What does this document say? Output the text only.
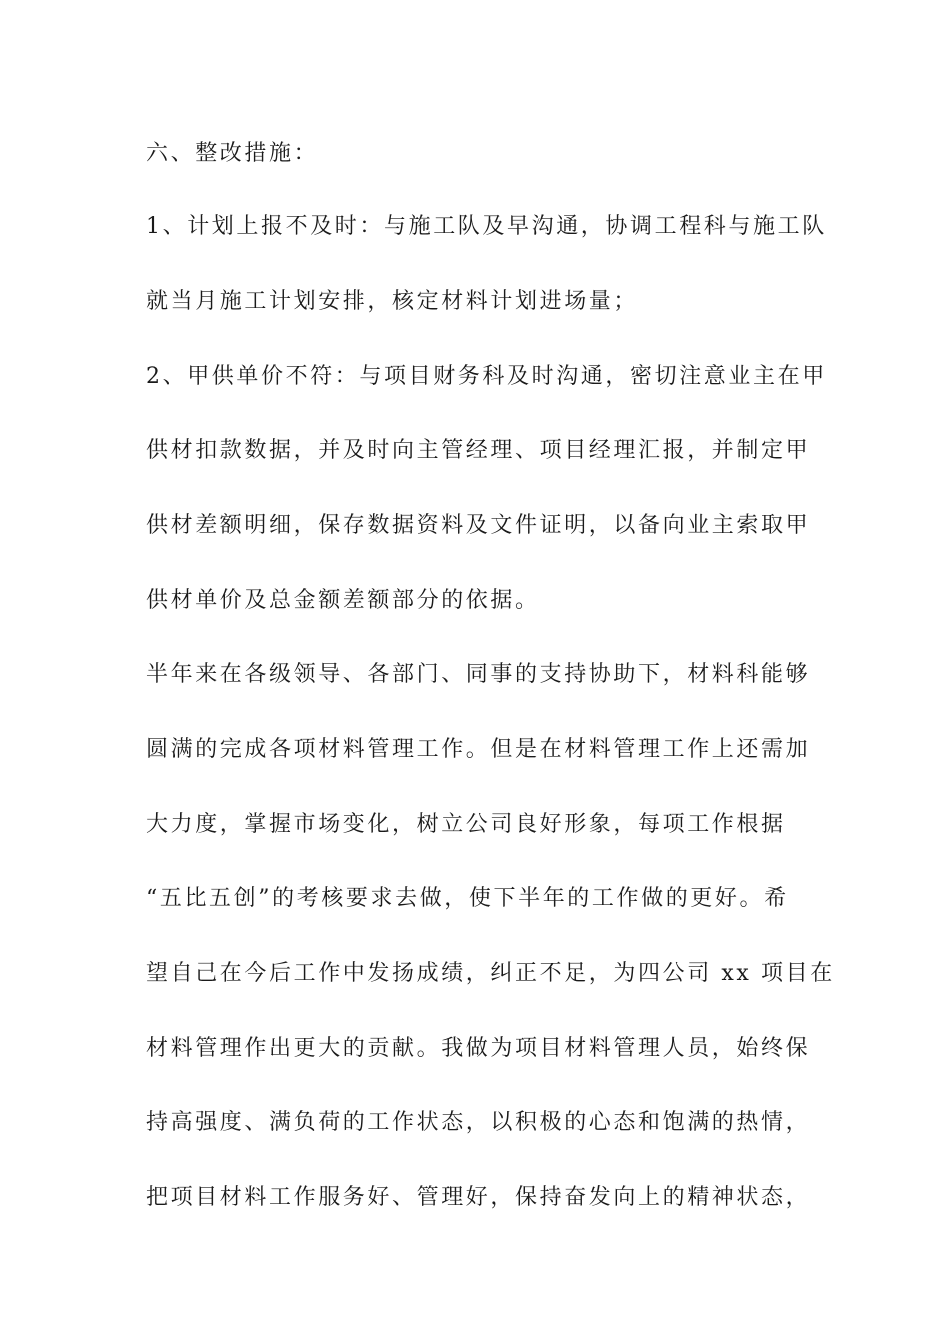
六、整改措施：
1、计划上报不及时：与施工队及早沟通，协调工程科与施工队
就当月施工计划安排，核定材料计划进场量；
2、甲供单价不符：与项目财务科及时沟通，密切注意业主在甲
供材扣款数据，并及时向主管经理、项目经理汇报，并制定甲
供材差额明细，保存数据资料及文件证明，以备向业主索取甲
供材单价及总金额差额部分的依据。
半年来在各级领导、各部门、同事的支持协助下，材料科能够
圆满的完成各项材料管理工作。但是在材料管理工作上还需加
大力度，掌握市场变化，树立公司良好形象，每项工作根据
“五比五创”的考核要求去做，使下半年的工作做的更好。希
望自己在今后工作中发扬成绩，纠正不足，为四公司 xx 项目在
材料管理作出更大的贡献。我做为项目材料管理人员，始终保
持高强度、满负荷的工作状态，以积极的心态和饱满的热情，
把项目材料工作服务好、管理好，保持奋发向上的精神状态，
